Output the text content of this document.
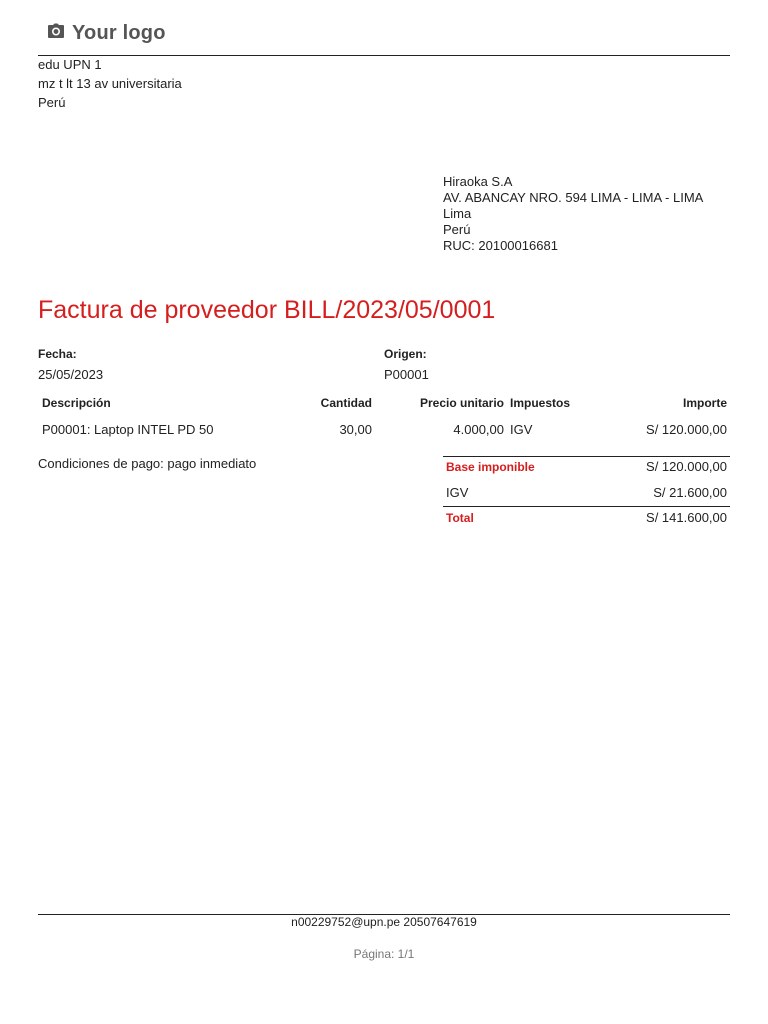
Your logo
edu UPN 1
mz t lt 13 av universitaria
Perú
Hiraoka S.A
AV. ABANCAY NRO. 594 LIMA - LIMA - LIMA
Lima
Perú
RUC: 20100016681
Factura de proveedor BILL/2023/05/0001
Fecha:
25/05/2023
Origen:
P00001
Descripción	Cantidad	Precio unitario Impuestos	Importe
P00001: Laptop INTEL PD 50	30,00	4.000,00 IGV	S/ 120.000,00
Condiciones de pago: pago inmediato	Base imponible	S/ 120.000,00
IGV	S/ 21.600,00
Total	S/ 141.600,00
n00229752@upn.pe 20507647619
Página: 1/1
